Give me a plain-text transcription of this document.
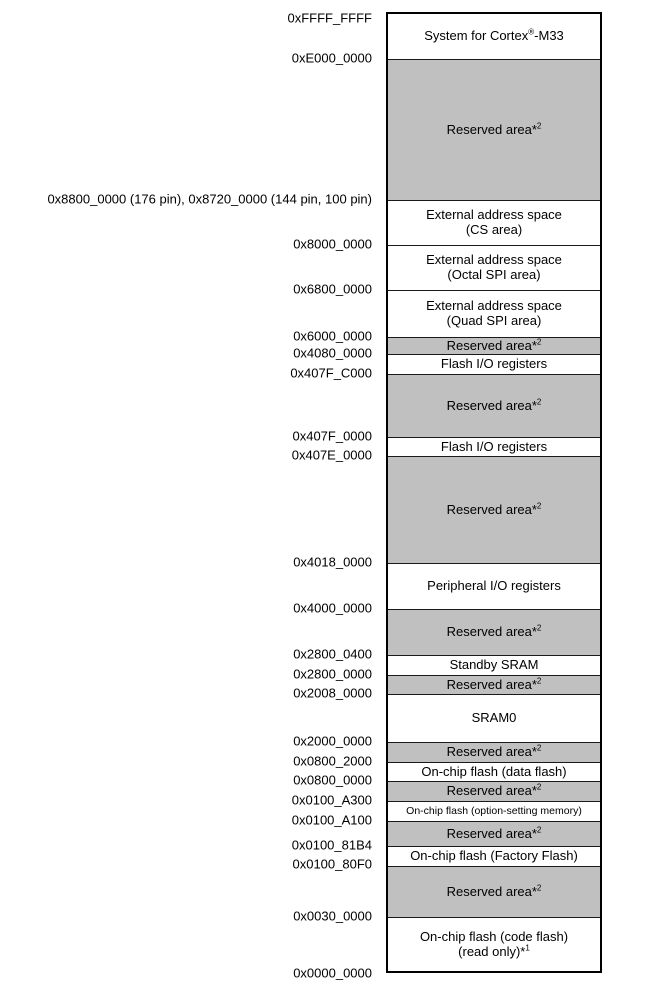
System for Cortex®-M33
Reserved area*$^2$
External address space
(CS area)
External address space
(Octal SPI area)
External address space
(Quad SPI area)
Reserved area*$^2$
Flash I/O registers
Reserved area*$^2$
Flash I/O registers
Reserved area*$^2$
Peripheral I/O registers
Reserved area*$^2$
Standby SRAM
Reserved area*$^2$
SRAM0
Reserved area*$^2$
On-chip flash (data flash)
Reserved area*$^2$
On-chip flash (option-setting memory)
Reserved area*$^2$
On-chip flash (Factory Flash)
Reserved area*$^2$
On-chip flash (code flash)
(read only)*$^1$
0xFFFF_FFFF
0xE000_0000
0x8800_0000 (176 pin), 0x8720_0000 (144 pin, 100 pin)
0x8000_0000
0x6800_0000
0x6000_0000
0x4080_0000
0x407F_C000
0x407F_0000
0x407E_0000
0x4018_0000
0x4000_0000
0x2800_0400
0x2800_0000
0x2008_0000
0x2000_0000
0x0800_2000
0x0800_0000
0x0100_A300
0x0100_A100
0x0100_81B4
0x0100_80F0
0x0030_0000
0x0000_0000
